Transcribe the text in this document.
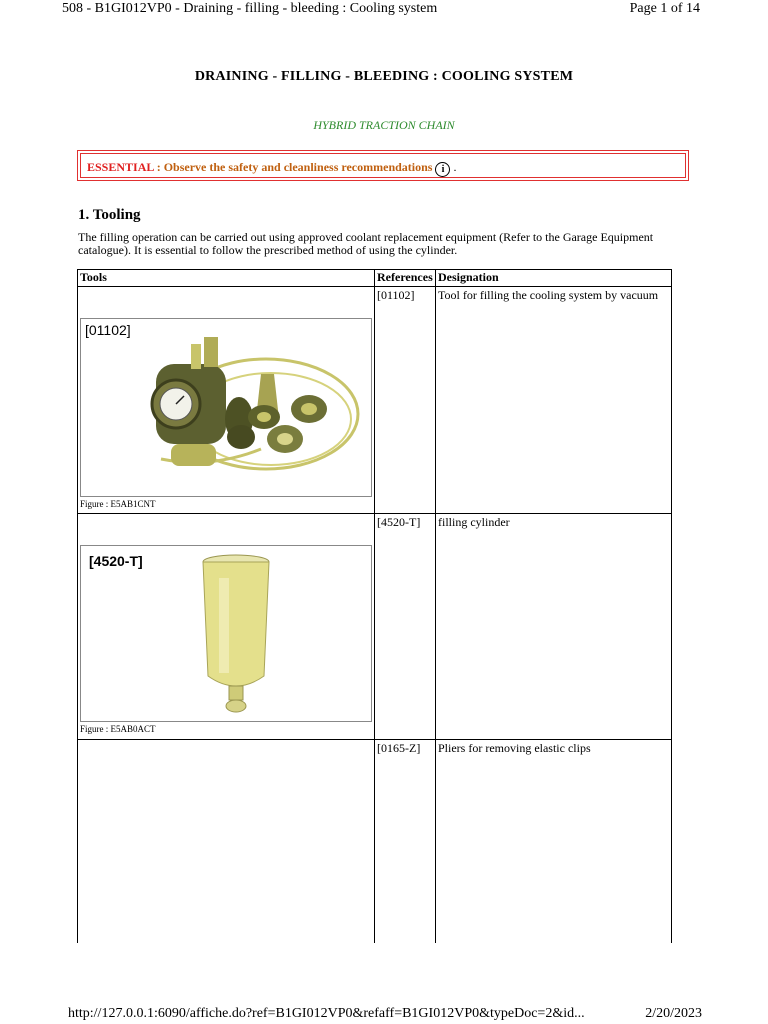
508 - B1GI012VP0 - Draining - filling - bleeding : Cooling system	Page 1 of 14
DRAINING - FILLING - BLEEDING : COOLING SYSTEM
HYBRID TRACTION CHAIN
ESSENTIAL : Observe the safety and cleanliness recommendations i .
1. Tooling
The filling operation can be carried out using approved coolant replacement equipment (Refer to the Garage Equipment catalogue). It is essential to follow the prescribed method of using the cylinder.
Tools	References	Designation

[01102]
Figure : E5AB1CNT	[01102]	Tool for filling the cooling system by vacuum

[4520-T]
Figure : E5AB0ACT	[4520-T]	filling cylinder
	[0165-Z]	Pliers for removing elastic clips
http://127.0.0.1:6090/affiche.do?ref=B1GI012VP0&refaff=B1GI012VP0&typeDoc=2&id...	2/20/2023
